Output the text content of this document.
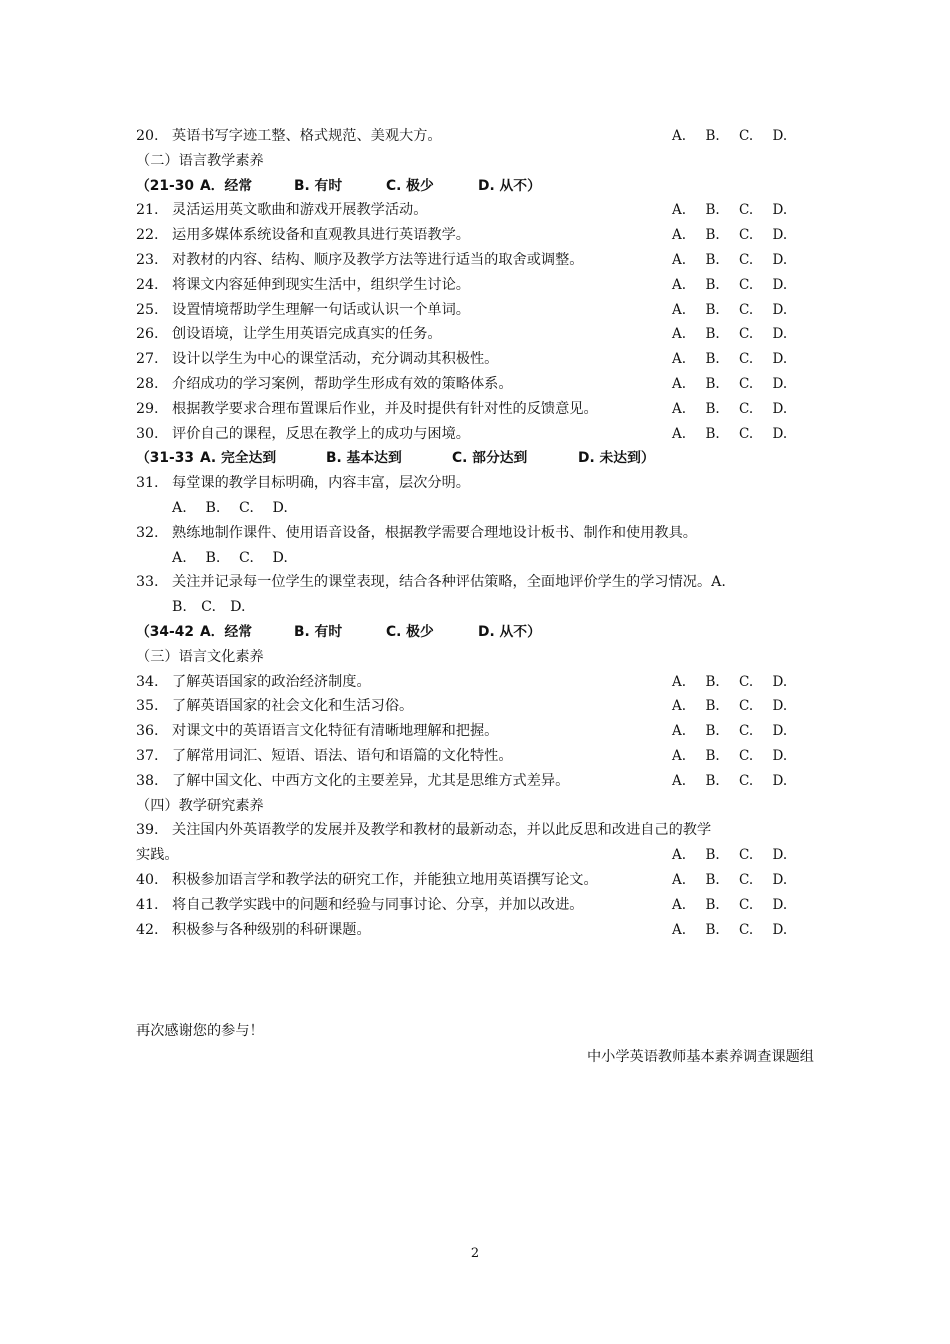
20. 英语书写字迹工整、格式规范、美观大方。	A. B. C. D.
（二）语言教学素养
（21-30 A．经常	B. 有时	C. 极少	D. 从不）
21. 灵活运用英文歌曲和游戏开展教学活动。	A. B. C. D.
22. 运用多媒体系统设备和直观教具进行英语教学。	A. B. C. D.
23. 对教材的内容、结构、顺序及教学方法等进行适当的取舍或调整。	A. B. C. D.
24. 将课文内容延伸到现实生活中，组织学生讨论。	A. B. C. D.
25. 设置情境帮助学生理解一句话或认识一个单词。	A. B. C. D.
26. 创设语境，让学生用英语完成真实的任务。	A. B. C. D.
27. 设计以学生为中心的课堂活动，充分调动其积极性。	A. B. C. D.
28. 介绍成功的学习案例，帮助学生形成有效的策略体系。	A. B. C. D.
29. 根据教学要求合理布置课后作业，并及时提供有针对性的反馈意见。	A. B. C. D.
30. 评价自己的课程，反思在教学上的成功与困境。	A. B. C. D.
（31-33 A. 完全达到	B. 基本达到	C. 部分达到	D. 未达到）
31. 每堂课的教学目标明确，内容丰富，层次分明。
A. B. C. D.
32. 熟练地制作课件、使用语音设备，根据教学需要合理地设计板书、制作和使用教具。
A. B. C. D.
33. 关注并记录每一位学生的课堂表现，结合各种评估策略，全面地评价学生的学习情况。A.
B.　C.　D.
（34-42 A．经常	B. 有时	C. 极少	D. 从不）
（三）语言文化素养
34. 了解英语国家的政治经济制度。	A. B. C. D.
35. 了解英语国家的社会文化和生活习俗。	A. B. C. D.
36. 对课文中的英语语言文化特征有清晰地理解和把握。	A. B. C. D.
37. 了解常用词汇、短语、语法、语句和语篇的文化特性。	A. B. C. D.
38. 了解中国文化、中西方文化的主要差异，尤其是思维方式差异。	A. B. C. D.
（四）教学研究素养
39. 关注国内外英语教学的发展并及教学和教材的最新动态，并以此反思和改进自己的教学
实践。	A. B. C. D.
40. 积极参加语言学和教学法的研究工作，并能独立地用英语撰写论文。	A. B. C. D.
41. 将自己教学实践中的问题和经验与同事讨论、分享，并加以改进。	A. B. C. D.
42. 积极参与各种级别的科研课题。	A. B. C. D.
再次感谢您的参与！
中小学英语教师基本素养调查课题组
2
